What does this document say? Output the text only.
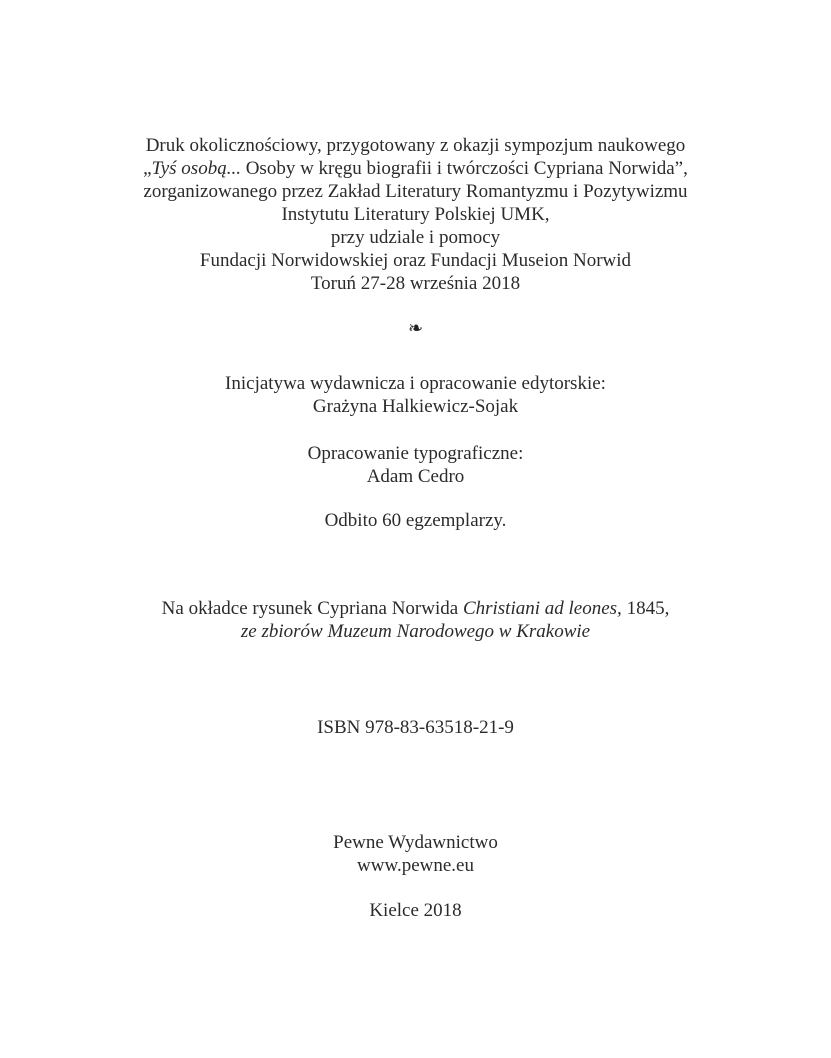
Druk okolicznościowy, przygotowany z okazji sympozjum naukowego
„Tyś osobą... Osoby w kręgu biografii i twórczości Cypriana Norwida”,
zorganizowanego przez Zakład Literatury Romantyzmu i Pozytywizmu
Instytutu Literatury Polskiej UMK,
przy udziale i pomocy
Fundacji Norwidowskiej oraz Fundacji Museion Norwid
Toruń 27-28 września 2018

❧

Inicjatywa wydawnicza i opracowanie edytorskie:
Grażyna Halkiewicz-Sojak

Opracowanie typograficzne:
Adam Cedro

Odbito 60 egzemplarzy.

Na okładce rysunek Cypriana Norwida Christiani ad leones, 1845,
ze zbiorów Muzeum Narodowego w Krakowie

ISBN 978-83-63518-21-9

Pewne Wydawnictwo
www.pewne.eu

Kielce 2018
